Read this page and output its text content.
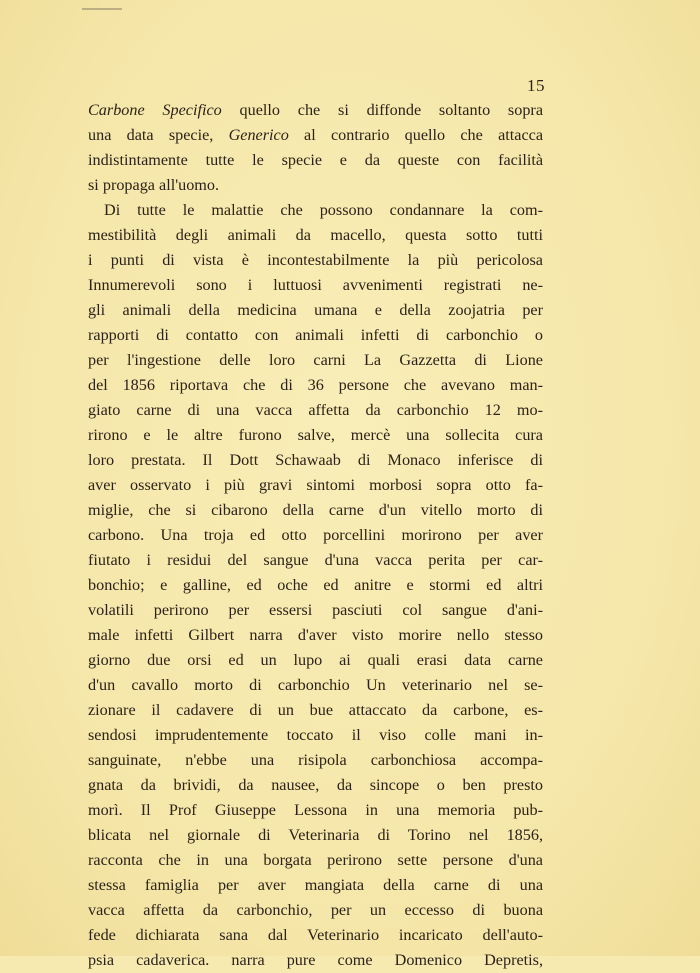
15
Carbone Specifico quello che si diffonde soltanto sopra
una data specie, Generico al contrario quello che attacca
indistintamente tutte le specie e da queste con facilità
si propaga all'uomo.
Di tutte le malattie che possono condannare la com-
mestibilità degli animali da macello, questa sotto tutti
i punti di vista è incontestabilmente la più pericolosa
Innumerevoli sono i luttuosi avvenimenti registrati ne-
gli animali della medicina umana e della zoojatria per
rapporti di contatto con animali infetti di carbonchio o
per l'ingestione delle loro carni La Gazzetta di Lione
del 1856 riportava che di 36 persone che avevano man-
giato carne di una vacca affetta da carbonchio 12 mo-
rirono e le altre furono salve, mercè una sollecita cura
loro prestata. Il Dott Schawaab di Monaco inferisce di
aver osservato i più gravi sintomi morbosi sopra otto fa-
miglie, che si cibarono della carne d'un vitello morto di
carbono. Una troja ed otto porcellini morirono per aver
fiutato i residui del sangue d'una vacca perita per car-
bonchio; e galline, ed oche ed anitre e stormi ed altri
volatili perirono per essersi pasciuti col sangue d'ani-
male infetti Gilbert narra d'aver visto morire nello stesso
giorno due orsi ed un lupo ai quali erasi data carne
d'un cavallo morto di carbonchio Un veterinario nel se-
zionare il cadavere di un bue attaccato da carbone, es-
sendosi imprudentemente toccato il viso colle mani in-
sanguinate, n'ebbe una risipola carbonchiosa accompa-
gnata da brividi, da nausee, da sincope o ben presto
morì. Il Prof Giuseppe Lessona in una memoria pub-
blicata nel giornale di Veterinaria di Torino nel 1856,
racconta che in una borgata perirono sette persone d'una
stessa famiglia per aver mangiata della carne di una
vacca affetta da carbonchio, per un eccesso di buona
fede dichiarata sana dal Veterinario incaricato dell'auto-
psia cadaverica. narra pure come Domenico Depretis,
